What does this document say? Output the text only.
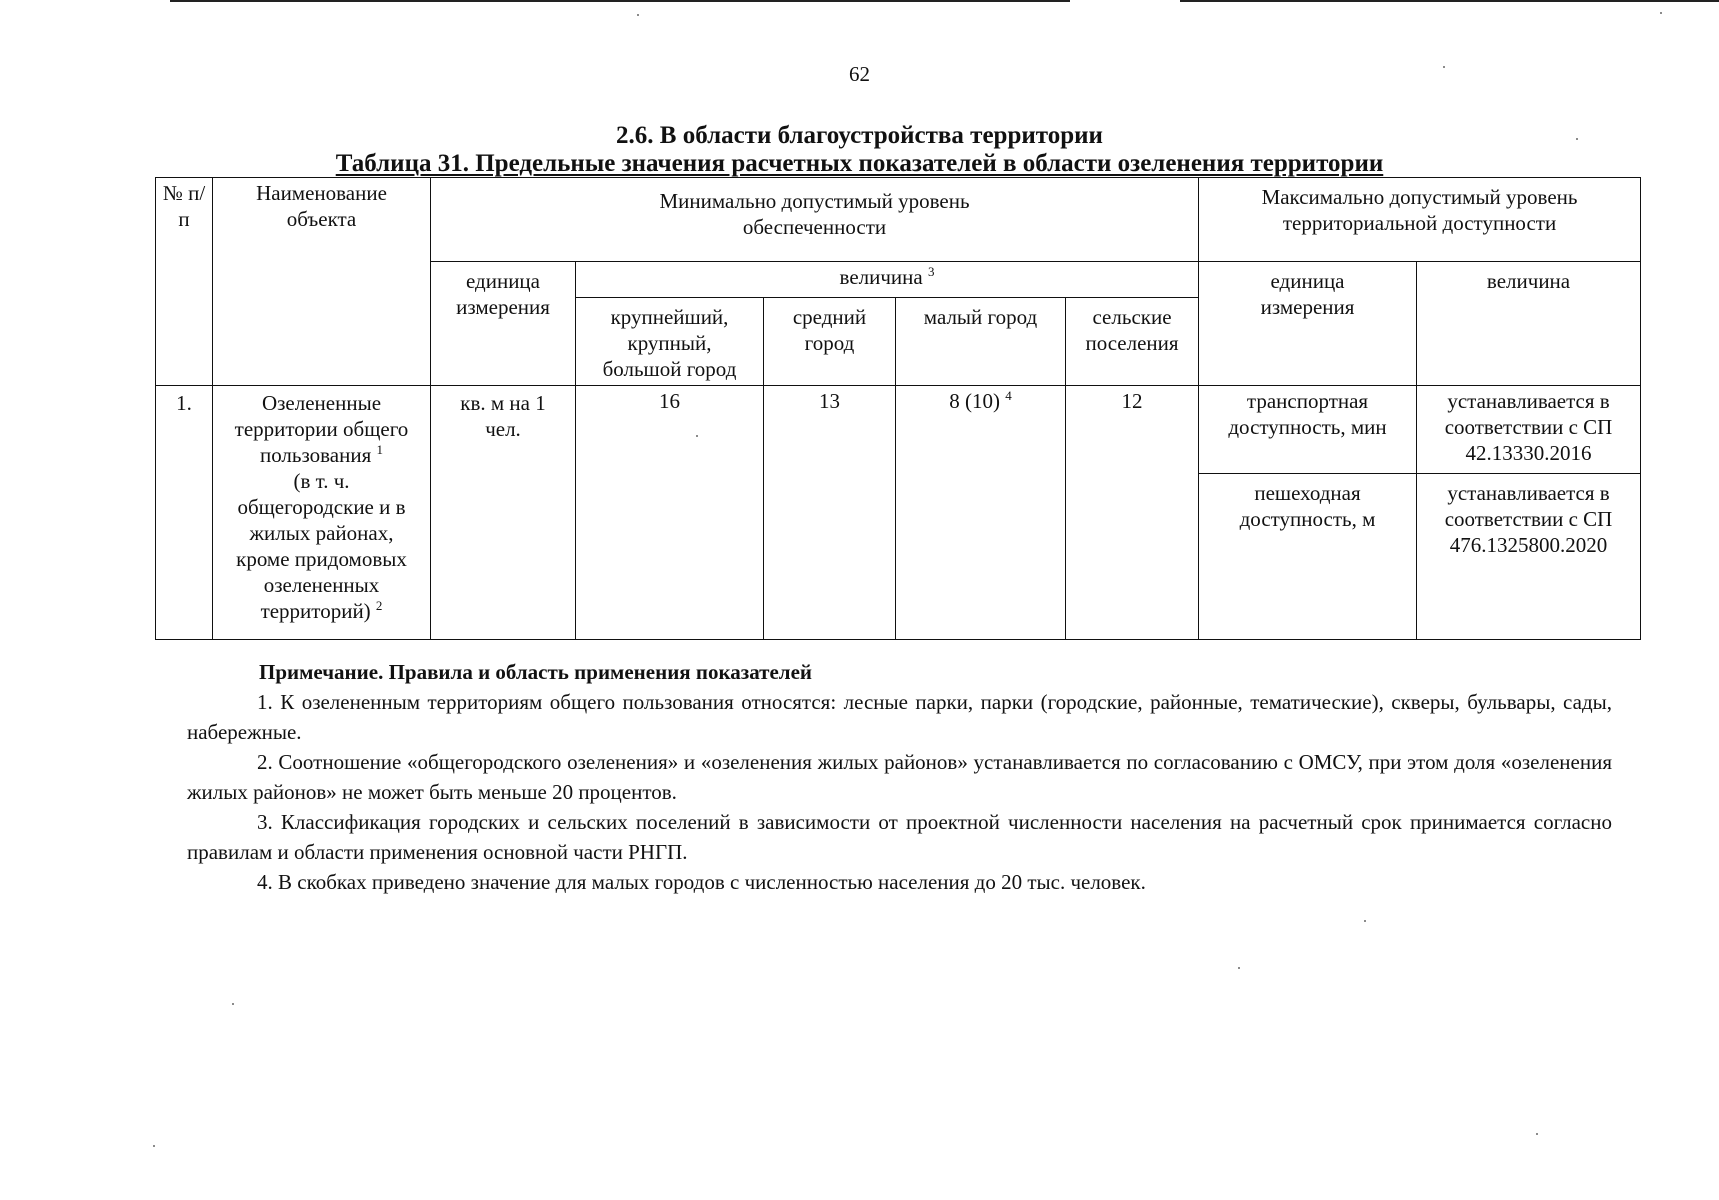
62
2.6. В области благоустройства территории
Таблица 31. Предельные значения расчетных показателей в области озеленения территории
№ п/п	Наименование объекта	Минимально допустимый уровень обеспеченности					Максимально допустимый уровень территориальной доступности	
		единица измерения	величина $^3$				единица измерения	величина
			крупнейший, крупный, большой город	средний город	малый город	сельские поселения		
1.	Озелененные территории общего пользования $^1$
(в т. ч. общегородские и в жилых районах, кроме придомовых озелененных территорий) $^2$	кв. м на 1 чел.	16	13	8 (10) $^4$	12	транспортная доступность, мин	устанавливается в соответствии с СП 42.13330.2016
							пешеходная доступность, м	устанавливается в соответствии с СП 476.1325800.2020
Примечание. Правила и область применения показателей

1. К озелененным территориям общего пользования относятся: лесные парки, парки (городские, районные, тематические), скверы, бульвары, сады, набережные.

2. Соотношение «общегородского озеленения» и «озеленения жилых районов» устанавливается по согласованию с ОМСУ, при этом доля «озеленения жилых районов» не может быть меньше 20 процентов.

3. Классификация городских и сельских поселений в зависимости от проектной численности населения на расчетный срок принимается согласно правилам и области применения основной части РНГП.

4. В скобках приведено значение для малых городов с численностью населения до 20 тыс. человек.
